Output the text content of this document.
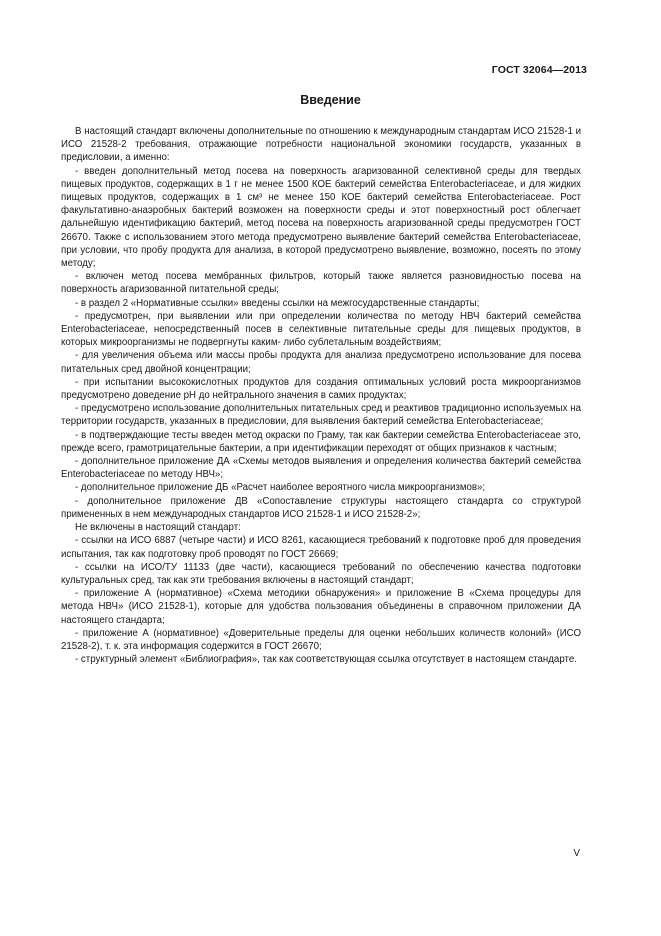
ГОСТ 32064—2013
Введение

В настоящий стандарт включены дополнительные по отношению к международным стандартам ИСО 21528-1 и ИСО 21528-2 требования, отражающие потребности национальной экономики государств, указанных в предисловии, а именно:

- введен дополнительный метод посева на поверхность агаризованной селективной среды для твердых пищевых продуктов, содержащих в 1 г не менее 1500 КОЕ бактерий семейства Enterobacteriaceae, и для жидких пищевых продуктов, содержащих в 1 см³ не менее 150 КОЕ бактерий семейства Enterobacteriaceae. Рост факультативно-анаэробных бактерий возможен на поверхности среды и этот поверхностный рост облегчает дальнейшую идентификацию бактерий, метод посева на поверхность агаризованной среды предусмотрен ГОСТ 26670. Также с использованием этого метода предусмотрено выявление бактерий семейства Enterobacteriaceae, при условии, что пробу продукта для анализа, в которой предусмотрено выявление, возможно, посеять по этому методу;

- включен метод посева мембранных фильтров, который также является разновидностью посева на поверхность агаризованной питательной среды;

- в раздел 2 «Нормативные ссылки» введены ссылки на межгосударственные стандарты;

- предусмотрен, при выявлении или при определении количества по методу НВЧ бактерий семейства Enterobacteriaceae, непосредственный посев в селективные питательные среды для пищевых продуктов, в которых микроорганизмы не подвергнуты каким- либо сублетальным воздействиям;

- для увеличения объема или массы пробы продукта для анализа предусмотрено использование для посева питательных сред двойной концентрации;

- при испытании высококислотных продуктов для создания оптимальных условий роста микроорганизмов предусмотрено доведение pH до нейтрального значения в самих продуктах;

- предусмотрено использование дополнительных питательных сред и реактивов традиционно используемых на территории государств, указанных в предисловии, для выявления бактерий семейства Enterobacteriaceae;

- в подтверждающие тесты введен метод окраски по Граму, так как бактерии семейства Enterobacteriaceae это, прежде всего, грамотрицательные бактерии, а при идентификации переходят от общих признаков к частным;

- дополнительное приложение ДА «Схемы методов выявления и определения количества бактерий семейства Enterobacteriaceae по методу НВЧ»;

- дополнительное приложение ДБ «Расчет наиболее вероятного числа микроорганизмов»;

- дополнительное приложение ДВ «Сопоставление структуры настоящего стандарта со структурой примененных в нем международных стандартов ИСО 21528-1 и ИСО 21528-2»;

Не включены в настоящий стандарт:

- ссылки на ИСО 6887 (четыре части) и ИСО 8261, касающиеся требований к подготовке проб для проведения испытания, так как подготовку проб проводят по ГОСТ 26669;

- ссылки на ИСО/ТУ 11133 (две части), касающиеся требований по обеспечению качества подготовки культуральных сред, так как эти требования включены в настоящий стандарт;

- приложение А (нормативное) «Схема методики обнаружения» и приложение В «Схема процедуры для метода НВЧ» (ИСО 21528-1), которые для удобства пользования объединены в справочном приложении ДА настоящего стандарта;

- приложение А (нормативное) «Доверительные пределы для оценки небольших количеств колоний» (ИСО 21528-2), т. к. эта информация содержится в ГОСТ 26670;

- структурный элемент «Библиография», так как соответствующая ссылка отсутствует в настоящем стандарте.

V
